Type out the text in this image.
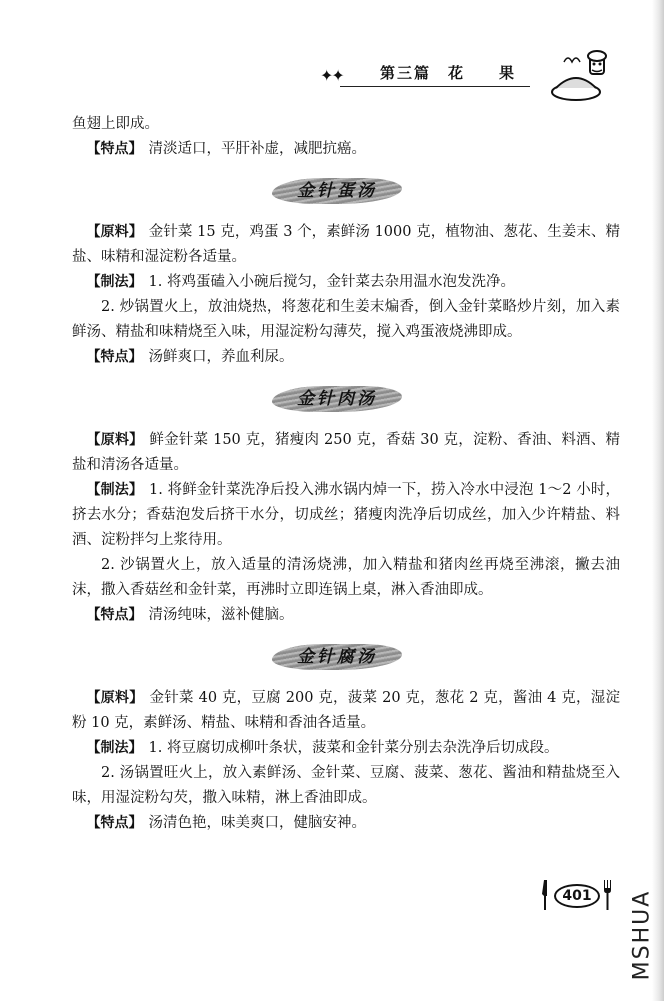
✦✦ 第三篇　花　　果

鱼翅上即成。

【特点】 清淡适口，平肝补虚，减肥抗癌。

金针蛋汤

【原料】 金针菜 15 克，鸡蛋 3 个，素鲜汤 1000 克，植物油、葱花、生姜末、精盐、味精和湿淀粉各适量。

【制法】 1. 将鸡蛋磕入小碗后搅匀，金针菜去杂用温水泡发洗净。

2. 炒锅置火上，放油烧热，将葱花和生姜末煸香，倒入金针菜略炒片刻，加入素鲜汤、精盐和味精烧至入味，用湿淀粉勾薄芡，搅入鸡蛋液烧沸即成。

【特点】 汤鲜爽口，养血利尿。

金针肉汤

【原料】 鲜金针菜 150 克，猪瘦肉 250 克，香菇 30 克，淀粉、香油、料酒、精盐和清汤各适量。

【制法】 1. 将鲜金针菜洗净后投入沸水锅内焯一下，捞入冷水中浸泡 1～2 小时，挤去水分；香菇泡发后挤干水分，切成丝；猪瘦肉洗净后切成丝，加入少许精盐、料酒、淀粉拌匀上浆待用。

2. 沙锅置火上，放入适量的清汤烧沸，加入精盐和猪肉丝再烧至沸滚，撇去油沫，撒入香菇丝和金针菜，再沸时立即连锅上桌，淋入香油即成。

【特点】 清汤纯味，滋补健脑。

金针腐汤

【原料】 金针菜 40 克，豆腐 200 克，菠菜 20 克，葱花 2 克，酱油 4 克，湿淀粉 10 克，素鲜汤、精盐、味精和香油各适量。

【制法】 1. 将豆腐切成柳叶条状，菠菜和金针菜分别去杂洗净后切成段。

2. 汤锅置旺火上，放入素鲜汤、金针菜、豆腐、菠菜、葱花、酱油和精盐烧至入味，用湿淀粉勾芡，撒入味精，淋上香油即成。

【特点】 汤清色艳，味美爽口，健脑安神。

401	MSHUA
